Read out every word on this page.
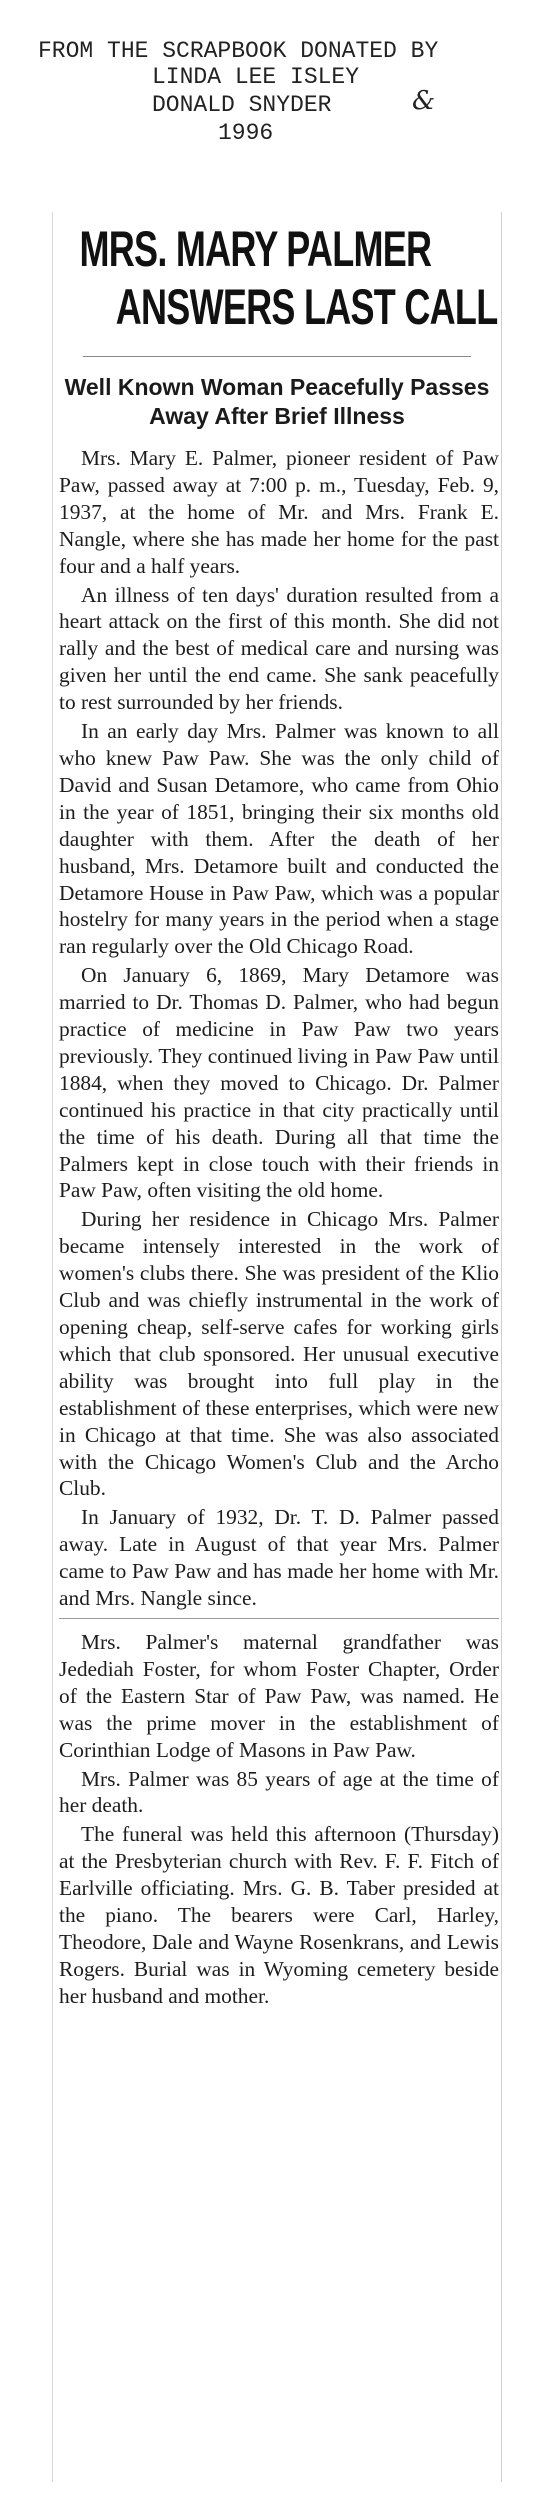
FROM THE SCRAPBOOK DONATED BY
LINDA LEE ISLEY
DONALD SNYDER
1996
&
MRS. MARY PALMER
ANSWERS LAST CALL
Well Known Woman Peacefully Passes Away After Brief Illness

Mrs. Mary E. Palmer, pioneer resident of Paw Paw, passed away at 7:00 p. m., Tuesday, Feb. 9, 1937, at the home of Mr. and Mrs. Frank E. Nangle, where she has made her home for the past four and a half years.

An illness of ten days' duration resulted from a heart attack on the first of this month. She did not rally and the best of medical care and nursing was given her until the end came. She sank peacefully to rest surrounded by her friends.

In an early day Mrs. Palmer was known to all who knew Paw Paw. She was the only child of David and Susan Detamore, who came from Ohio in the year of 1851, bringing their six months old daughter with them. After the death of her husband, Mrs. Detamore built and conducted the Detamore House in Paw Paw, which was a popular hostelry for many years in the period when a stage ran regularly over the Old Chicago Road.

On January 6, 1869, Mary Detamore was married to Dr. Thomas D. Palmer, who had begun practice of medicine in Paw Paw two years previously. They continued living in Paw Paw until 1884, when they moved to Chicago. Dr. Palmer continued his practice in that city practically until the time of his death. During all that time the Palmers kept in close touch with their friends in Paw Paw, often visiting the old home.

During her residence in Chicago Mrs. Palmer became intensely interested in the work of women's clubs there. She was president of the Klio Club and was chiefly instrumental in the work of opening cheap, self-serve cafes for working girls which that club sponsored. Her unusual executive ability was brought into full play in the establishment of these enterprises, which were new in Chicago at that time. She was also associated with the Chicago Women's Club and the Archo Club.

In January of 1932, Dr. T. D. Palmer passed away. Late in August of that year Mrs. Palmer came to Paw Paw and has made her home with Mr. and Mrs. Nangle since.

Mrs. Palmer's maternal grandfather was Jedediah Foster, for whom Foster Chapter, Order of the Eastern Star of Paw Paw, was named. He was the prime mover in the establishment of Corinthian Lodge of Masons in Paw Paw.

Mrs. Palmer was 85 years of age at the time of her death.

The funeral was held this afternoon (Thursday) at the Presbyterian church with Rev. F. F. Fitch of Earlville officiating. Mrs. G. B. Taber presided at the piano. The bearers were Carl, Harley, Theodore, Dale and Wayne Rosenkrans, and Lewis Rogers. Burial was in Wyoming cemetery beside her husband and mother.
